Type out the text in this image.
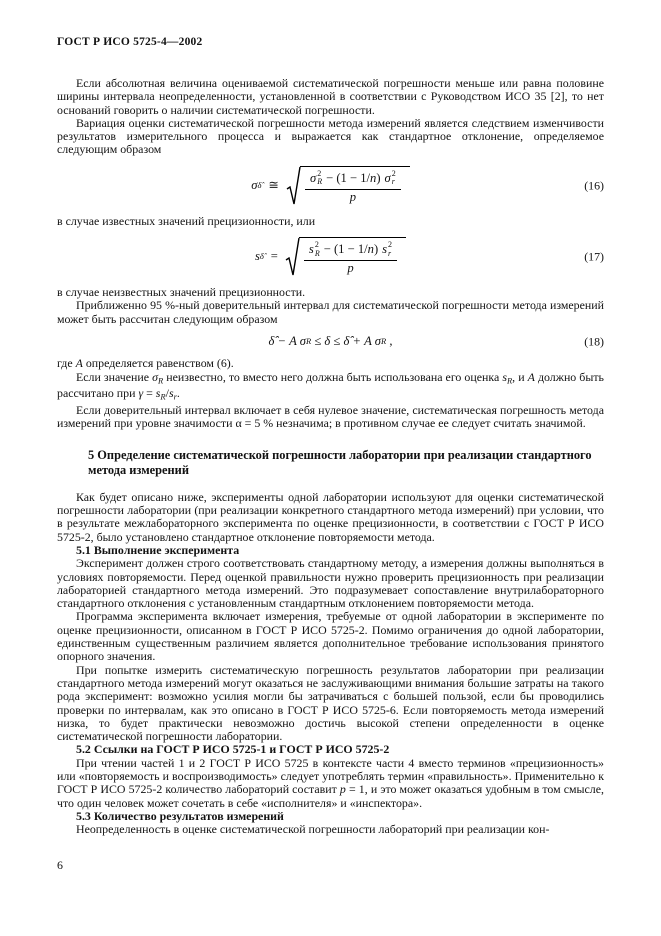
ГОСТ Р ИСО 5725-4—2002

Если абсолютная величина оцениваемой систематической погрешности меньше или равна половине ширины интервала неопределенности, установленной в соответствии с Руководством ИСО 35 [2], то нет оснований говорить о наличии систематической погрешности.

Вариация оценки систематической погрешности метода измерений является следствием изменчивости результатов измерительного процесса и выражается как стандартное отклонение, определяемое следующим образом

σ δ̂ ≅ σ 2
R − (1 − 1/n) σ 2
r
p	(16)

в случае известных значений прецизионности, или

s δ̂ = s 2
R − (1 − 1/n) s 2
r
p	(17)

в случае неизвестных значений прецизионности.

Приближенно 95 %-ный доверительный интервал для систематической погрешности метода измерений может быть рассчитан следующим образом

δ̂ − A σ R ≤ δ ≤ δ̂ + A σ R ,	(18)

где A определяется равенством (6).

Если значение $\sigma_R$ неизвестно, то вместо него должна быть использована его оценка $s_R$, и A должно быть рассчитано при $\gamma = s_R/s_r$.

Если доверительный интервал включает в себя нулевое значение, систематическая погрешность метода измерений при уровне значимости α = 5 % незначима; в противном случае ее следует считать значимой.

5 Определение систематической погрешности лаборатории при реализации стандартного метода измерений

Как будет описано ниже, эксперименты одной лаборатории используют для оценки систематической погрешности лаборатории (при реализации конкретного стандартного метода измерений) при условии, что в результате межлабораторного эксперимента по оценке прецизионности, в соответствии с ГОСТ Р ИСО 5725-2, было установлено стандартное отклонение повторяемости метода.

5.1 Выполнение эксперимента

Эксперимент должен строго соответствовать стандартному методу, а измерения должны выполняться в условиях повторяемости. Перед оценкой правильности нужно проверить прецизионность при реализации лабораторией стандартного метода измерений. Это подразумевает сопоставление внутрилабораторного стандартного отклонения с установленным стандартным отклонением повторяемости метода.

Программа эксперимента включает измерения, требуемые от одной лаборатории в эксперименте по оценке прецизионности, описанном в ГОСТ Р ИСО 5725-2. Помимо ограничения до одной лаборатории, единственным существенным различием является дополнительное требование использования принятого опорного значения.

При попытке измерить систематическую погрешность результатов лаборатории при реализации стандартного метода измерений могут оказаться не заслуживающими внимания большие затраты на такого рода эксперимент: возможно усилия могли бы затрачиваться с большей пользой, если бы проводились проверки по интервалам, как это описано в ГОСТ Р ИСО 5725-6. Если повторяемость метода измерений низка, то будет практически невозможно достичь высокой степени определенности в оценке систематической погрешности лаборатории.

5.2 Ссылки на ГОСТ Р ИСО 5725-1 и ГОСТ Р ИСО 5725-2

При чтении частей 1 и 2 ГОСТ Р ИСО 5725 в контексте части 4 вместо терминов «прецизионность» или «повторяемость и воспроизводимость» следует употреблять термин «правильность». Применительно к ГОСТ Р ИСО 5725-2 количество лабораторий составит p = 1, и это может оказаться удобным в том смысле, что один человек может сочетать в себе «исполнителя» и «инспектора».

5.3 Количество результатов измерений

Неопределенность в оценке систематической погрешности лабораторий при реализации кон-

6
